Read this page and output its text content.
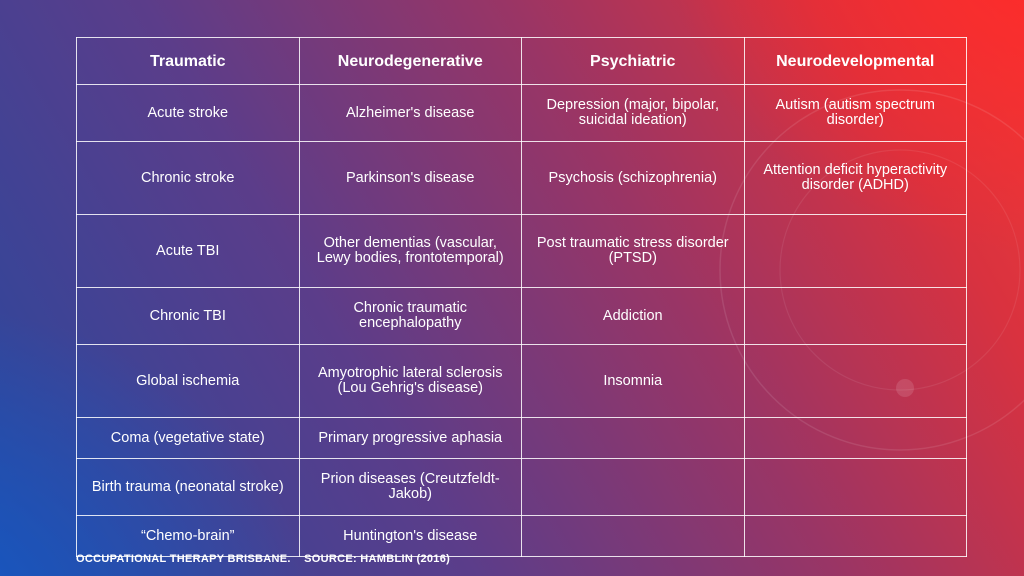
Traumatic	Neurodegenerative	Psychiatric	Neurodevelopmental
Acute stroke	Alzheimer's disease	Depression (major, bipolar, suicidal ideation)	Autism (autism spectrum disorder)
Chronic stroke	Parkinson's disease	Psychosis (schizophrenia)	Attention deficit hyperactivity disorder (ADHD)
Acute TBI	Other dementias (vascular, Lewy bodies, frontotemporal)	Post traumatic stress disorder (PTSD)	
Chronic TBI	Chronic traumatic encephalopathy	Addiction	
Global ischemia	Amyotrophic lateral sclerosis (Lou Gehrig's disease)	Insomnia	
Coma (vegetative state)	Primary progressive aphasia		
Birth trauma (neonatal stroke)	Prion diseases (Creutzfeldt-Jakob)		
“Chemo-brain”	Huntington's disease		
OCCUPATIONAL THERAPY BRISBANE. SOURCE: HAMBLIN (2016)
